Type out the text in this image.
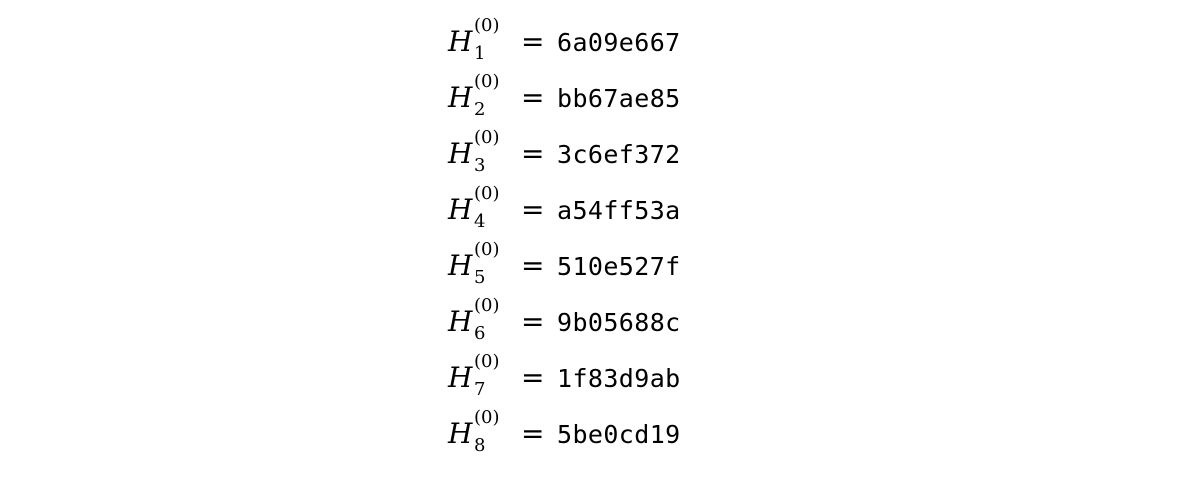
H (0)
1 = 6a09e667
H (0)
2 = bb67ae85
H (0)
3 = 3c6ef372
H (0)
4 = a54ff53a
H (0)
5 = 510e527f
H (0)
6 = 9b05688c
H (0)
7 = 1f83d9ab
H (0)
8 = 5be0cd19
